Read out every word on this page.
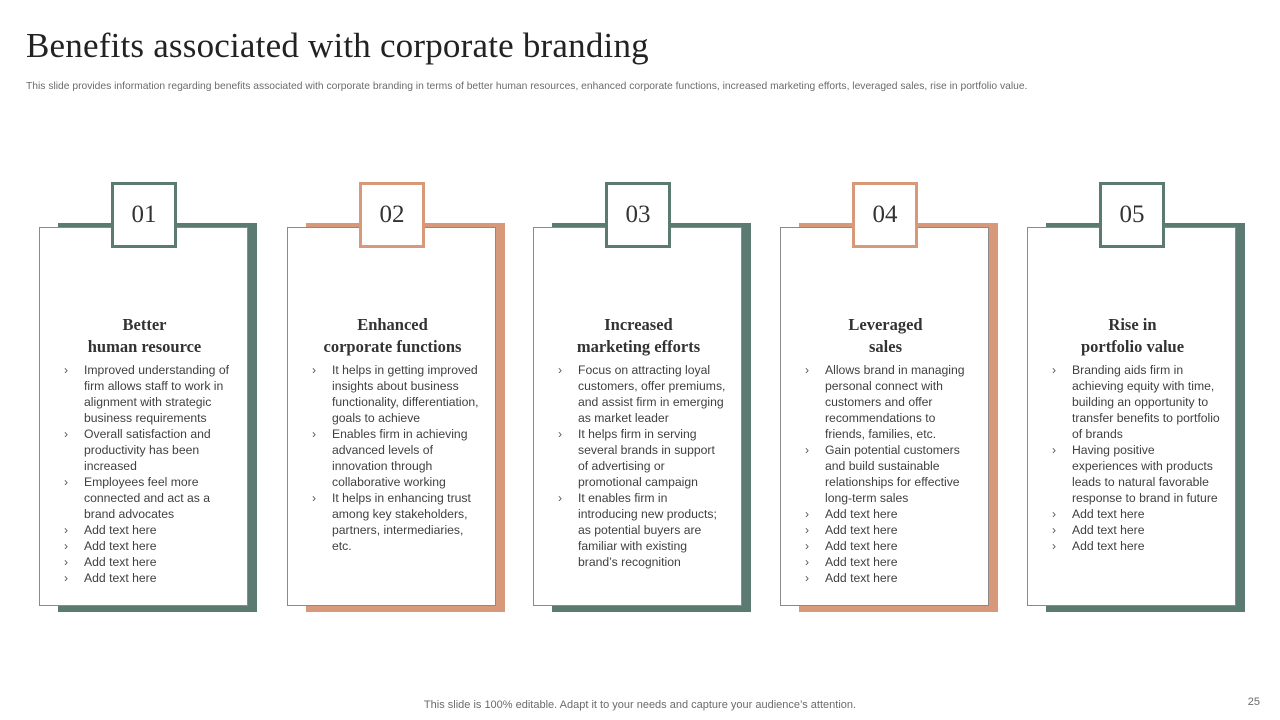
Benefits associated with corporate branding

This slide provides information regarding benefits associated with corporate branding in terms of better human resources, enhanced corporate functions, increased marketing efforts, leveraged sales, rise in portfolio value.

Better
human resource
› Improved understanding of firm allows staff to work in alignment with strategic business requirements
› Overall satisfaction and productivity has been increased
› Employees feel more connected and act as a brand advocates
› Add text here
› Add text here
› Add text here
› Add text here
01
Enhanced
corporate functions
› It helps in getting improved insights about business functionality, differentiation, goals to achieve
› Enables firm in achieving advanced levels of innovation through collaborative working
› It helps in enhancing trust among key stakeholders, partners, intermediaries, etc.
02
Increased
marketing efforts
› Focus on attracting loyal customers, offer premiums, and assist firm in emerging as market leader
› It helps firm in serving several brands in support of advertising or promotional campaign
› It enables firm in introducing new products; as potential buyers are familiar with existing brand’s recognition
03
Leveraged
sales
› Allows brand in managing personal connect with customers and offer recommendations to friends, families, etc.
› Gain potential customers and build sustainable relationships for effective long-term sales
› Add text here
› Add text here
› Add text here
› Add text here
› Add text here
04
Rise in
portfolio value
› Branding aids firm in achieving equity with time, building an opportunity to transfer benefits to portfolio of brands
› Having positive experiences with products leads to natural favorable response to brand in future
› Add text here
› Add text here
› Add text here
05

This slide is 100% editable. Adapt it to your needs and capture your audience’s attention.	25
